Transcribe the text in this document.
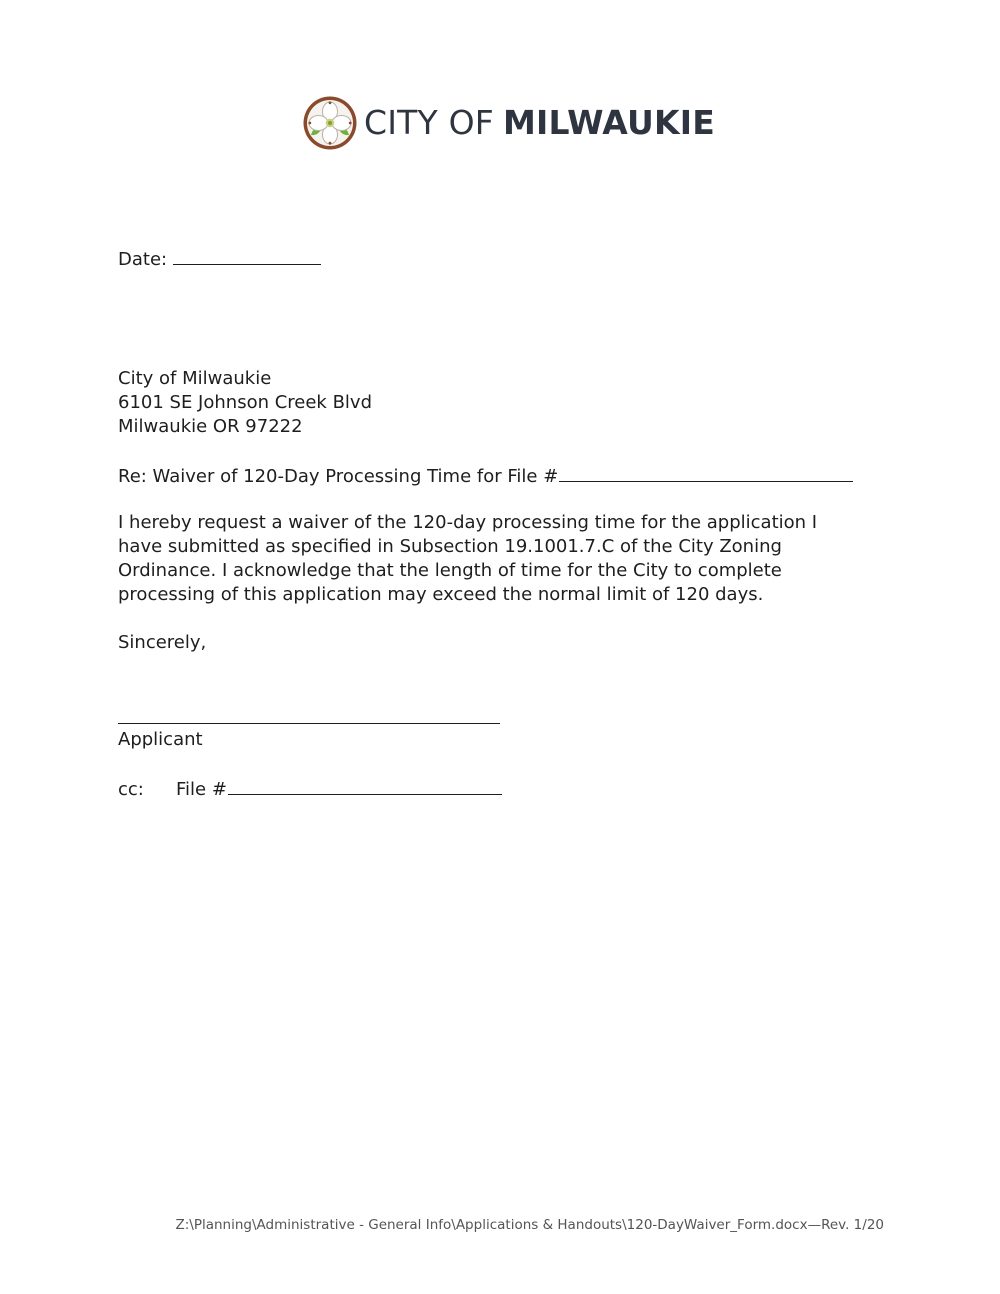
CITY OF MILWAUKIE
Date:
City of Milwaukie
6101 SE Johnson Creek Blvd
Milwaukie OR 97222
Re: Waiver of 120-Day Processing Time for File #
I hereby request a waiver of the 120-day processing time for the application I
have submitted as specified in Subsection 19.1001.7.C of the City Zoning
Ordinance. I acknowledge that the length of time for the City to complete
processing of this application may exceed the normal limit of 120 days.
Sincerely,
Applicant
cc: File #
Z:\Planning\Administrative - General Info\Applications & Handouts\120-DayWaiver_Form.docx—Rev. 1/20
